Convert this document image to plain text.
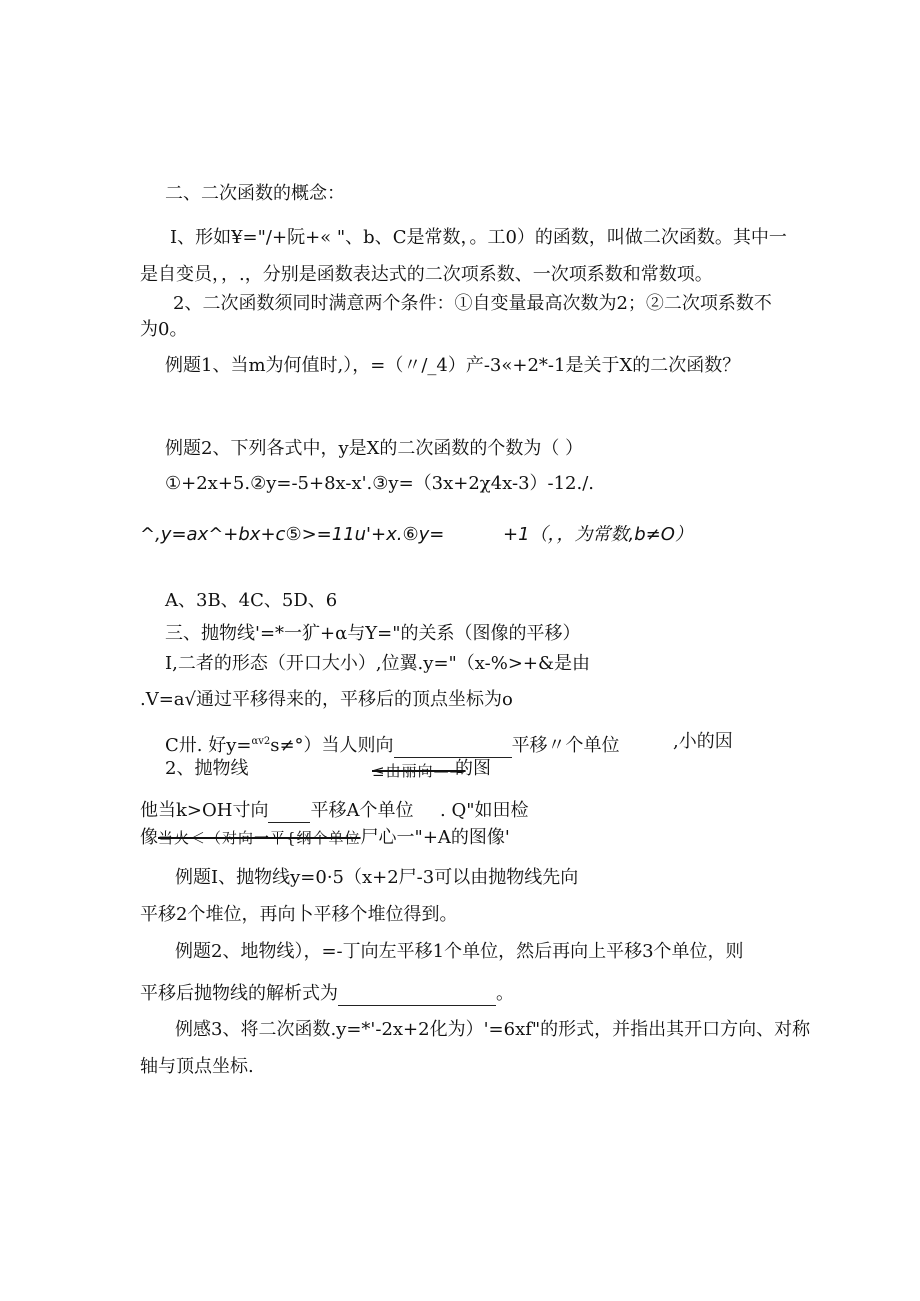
二、二次函数的概念：
I、形如¥="/+阮+« "、b、C是常数，。工0）的函数，叫做二次函数。其中一
是自变员，，.，分别是函数表达式的二次项系数、一次项系数和常数项。
2、二次函数须同时满意两个条件：①自变量最高次数为2；②二次项系数不
为0。
例题1、当m为何值时,），=（〃/_4）产-3«+2*-1是关于X的二次函数？
例题2、下列各式中，y是X的二次函数的个数为（ ）
①+2x+5.②y=-5+8x-x'.③y=（3x+2χ4x-3）-12./.
^,y=ax^+bx+c⑤>=11u'+x.⑥y=	+1（，，为常数,b≠O）
A、3B、4C、5D、6
三、抛物线'=*一犷+α与Y="的关系（图像的平移）
I,二者的形态（开口大小）,位翼.y="（x-%>+&是由
.V=a√通过平移得来的，平移后的顶点坐标为o
C卅. 好y=$^{\alpha v2}$s≠°）当人则向	平移〃个单位	,小的因
2、抛物线	≤由丽向——
的图
他当k>OH寸向 平移A个单位 . Q"如田检
像当火＜（对向一平{纲个单位尸心一"+A的图像'
例题I、抛物线y=0·5（x+2尸-3可以由抛物线先向
平移2个堆位，再向卜平移个堆位得到。
例题2、地物线），=-丁向左平移1个单位，然后再向上平移3个单位，则
平移后抛物线的解析式为	。
例感3、将二次函数.y=*'-2x+2化为）'=6xf"的形式，并指出其开口方向、对称
轴与顶点坐标.
